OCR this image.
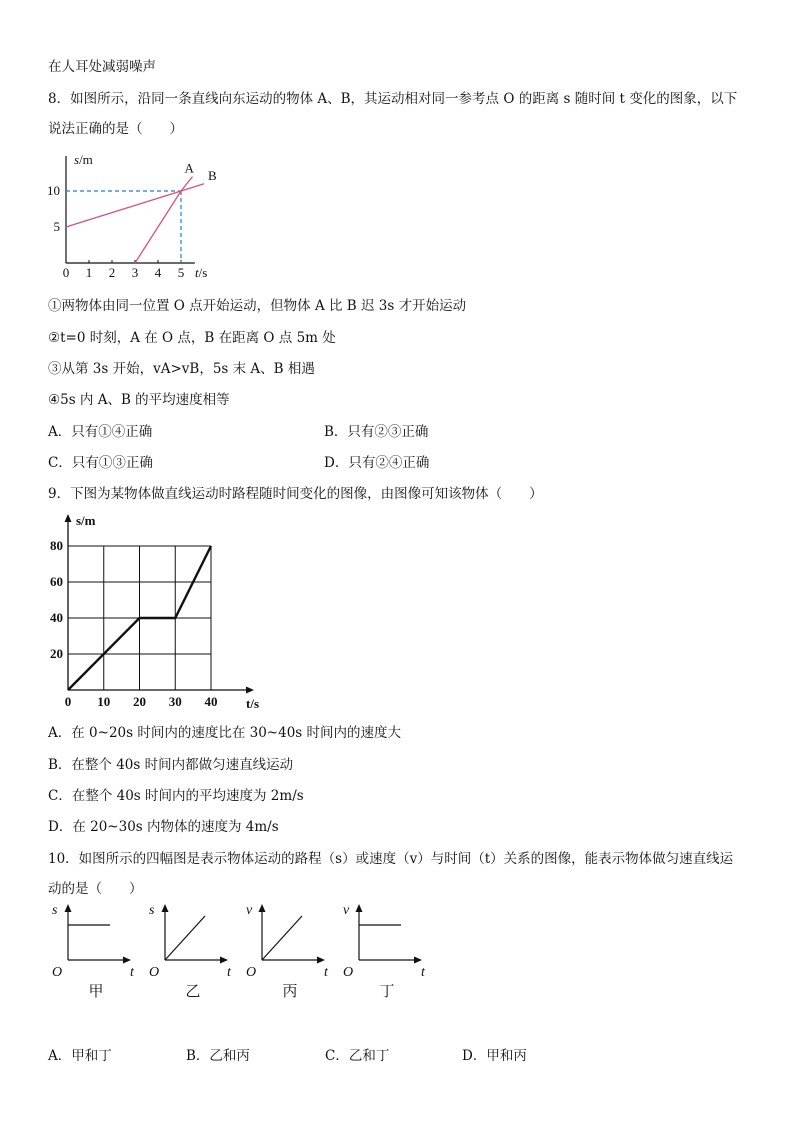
在人耳处减弱噪声
8．如图所示，沿同一条直线向东运动的物体 A、B，其运动相对同一参考点 O 的距离 s 随时间 t 变化的图象，以下
说法正确的是（　　）
s/m
0 1 2 3 4 5
5
10
t/s
A B
①两物体由同一位置 O 点开始运动，但物体 A 比 B 迟 3s 才开始运动
②t=0 时刻，A 在 O 点，B 在距离 O 点 5m 处
③从第 3s 开始，vA>vB，5s 末 A、B 相遇
④5s 内 A、B 的平均速度相等
A．只有①④正确	B．只有②③正确
C．只有①③正确	D．只有②④正确
9．下图为某物体做直线运动时路程随时间变化的图像，由图像可知该物体（　　）
s/m
t/s
0 10 20 30 40
20
40
60
80
A．在 0~20s 时间内的速度比在 30~40s 时间内的速度大
B．在整个 40s 时间内都做匀速直线运动
C．在整个 40s 时间内的平均速度为 2m/s
D．在 20~30s 内物体的速度为 4m/s
10．如图所示的四幅图是表示物体运动的路程（s）或速度（v）与时间（t）关系的图像，能表示物体做匀速直线运
动的是（　　）
s
t
O
甲
s
t
O
乙
v
t
O
丙
v
t
O
丁
A．甲和丁	B．乙和丙	C．乙和丁	D．甲和丙
